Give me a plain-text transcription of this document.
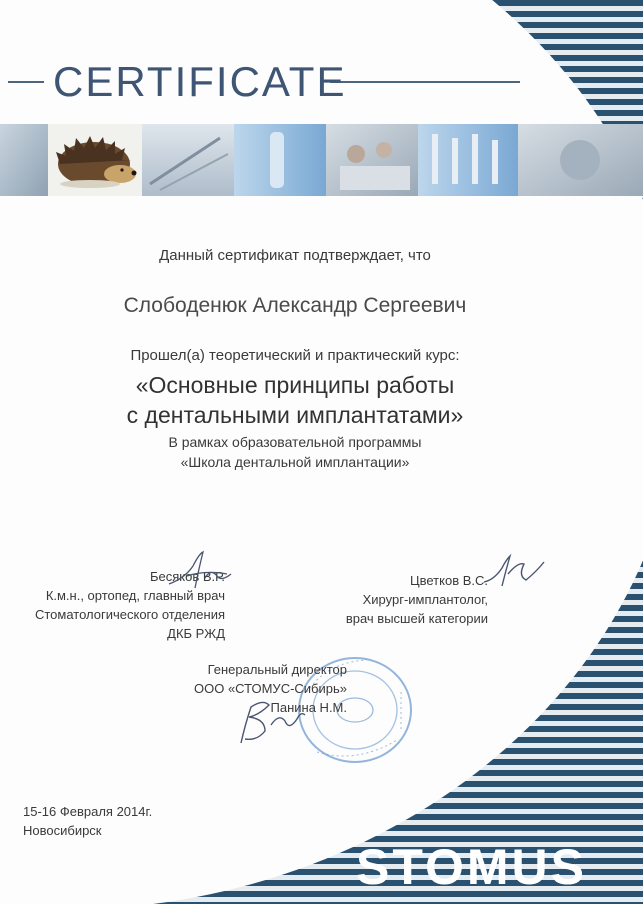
CERTIFICATE
Данный сертификат подтверждает, что
Слободенюк Александр Сергеевич
Прошел(а) теоретический и практический курс:
«Основные принципы работы
с дентальными имплантатами»
В рамках образовательной программы
«Школа дентальной имплантации»
Бесяков В.Р.
К.м.н., ортопед, главный врач
Стоматологического отделения
ДКБ РЖД
Цветков В.С.
Хирург-имплантолог,
врач высшей категории
Генеральный директор
ООО «СТОМУС-Сибирь»
Панина Н.М.
15-16 Февраля 2014г.
Новосибирск
STOMUS
